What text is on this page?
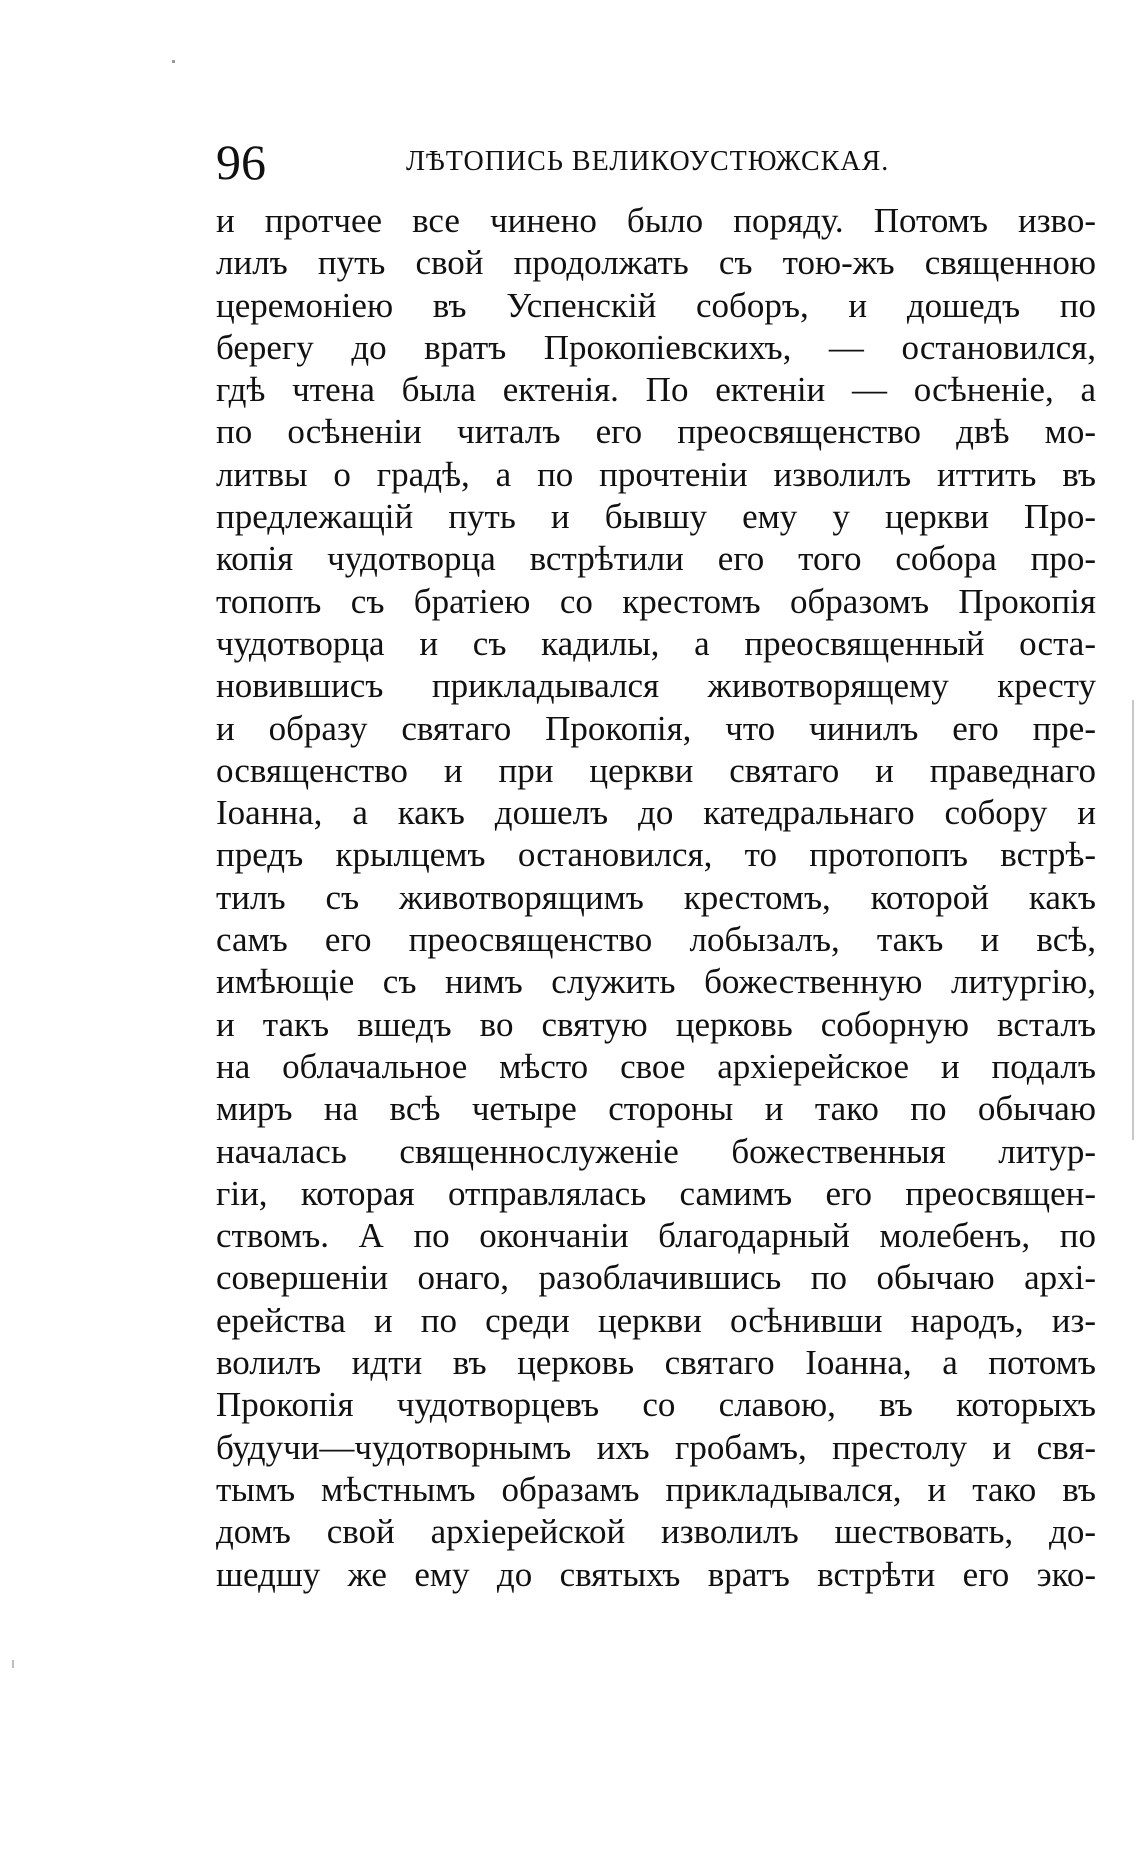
96	ЛѢТОПИСЬ ВЕЛИКОУСТЮЖСКАЯ.
и протчее все чинено было поряду. Потомъ изво-
лилъ путь свой продолжать съ тою-жъ священною
церемоніею въ Успенскій соборъ, и дошедъ по
берегу до вратъ Прокопіевскихъ, — остановился,
гдѣ чтена была ектенія. По ектеніи — осѣненіе, а
по осѣненіи читалъ его преосвященство двѣ мо-
литвы о градѣ, а по прочтеніи изволилъ иттить въ
предлежащій путь и бывшу ему у церкви Про-
копія чудотворца встрѣтили его того собора про-
топопъ съ братіею со крестомъ образомъ Прокопія
чудотворца и съ кадилы, а преосвященный оста-
новившисъ прикладывался животворящему кресту
и образу святаго Прокопія, что чинилъ его пре-
освященство и при церкви святаго и праведнаго
Іоанна, а какъ дошелъ до катедральнаго собору и
предъ крылцемъ остановился, то протопопъ встрѣ-
тилъ съ животворящимъ крестомъ, которой какъ
самъ его преосвященство лобызалъ, такъ и всѣ,
имѣющіе съ нимъ служить божественную литургію,
и такъ вшедъ во святую церковь соборную всталъ
на облачальное мѣсто свое архіерейское и подалъ
миръ на всѣ четыре стороны и тако по обычаю
началась священнослуженіе божественныя литур-
гіи, которая отправлялась самимъ его преосвящен-
ствомъ. А по окончаніи благодарный молебенъ, по
совершеніи онаго, разоблачившись по обычаю архі-
ерейства и по среди церкви осѣнивши народъ, из-
волилъ идти въ церковь святаго Іоанна, а потомъ
Прокопія чудотворцевъ со славою, въ которыхъ
будучи—чудотворнымъ ихъ гробамъ, престолу и свя-
тымъ мѣстнымъ образамъ прикладывался, и тако въ
домъ свой архіерейской изволилъ шествовать, до-
шедшу же ему до святыхъ вратъ встрѣти его эко-
